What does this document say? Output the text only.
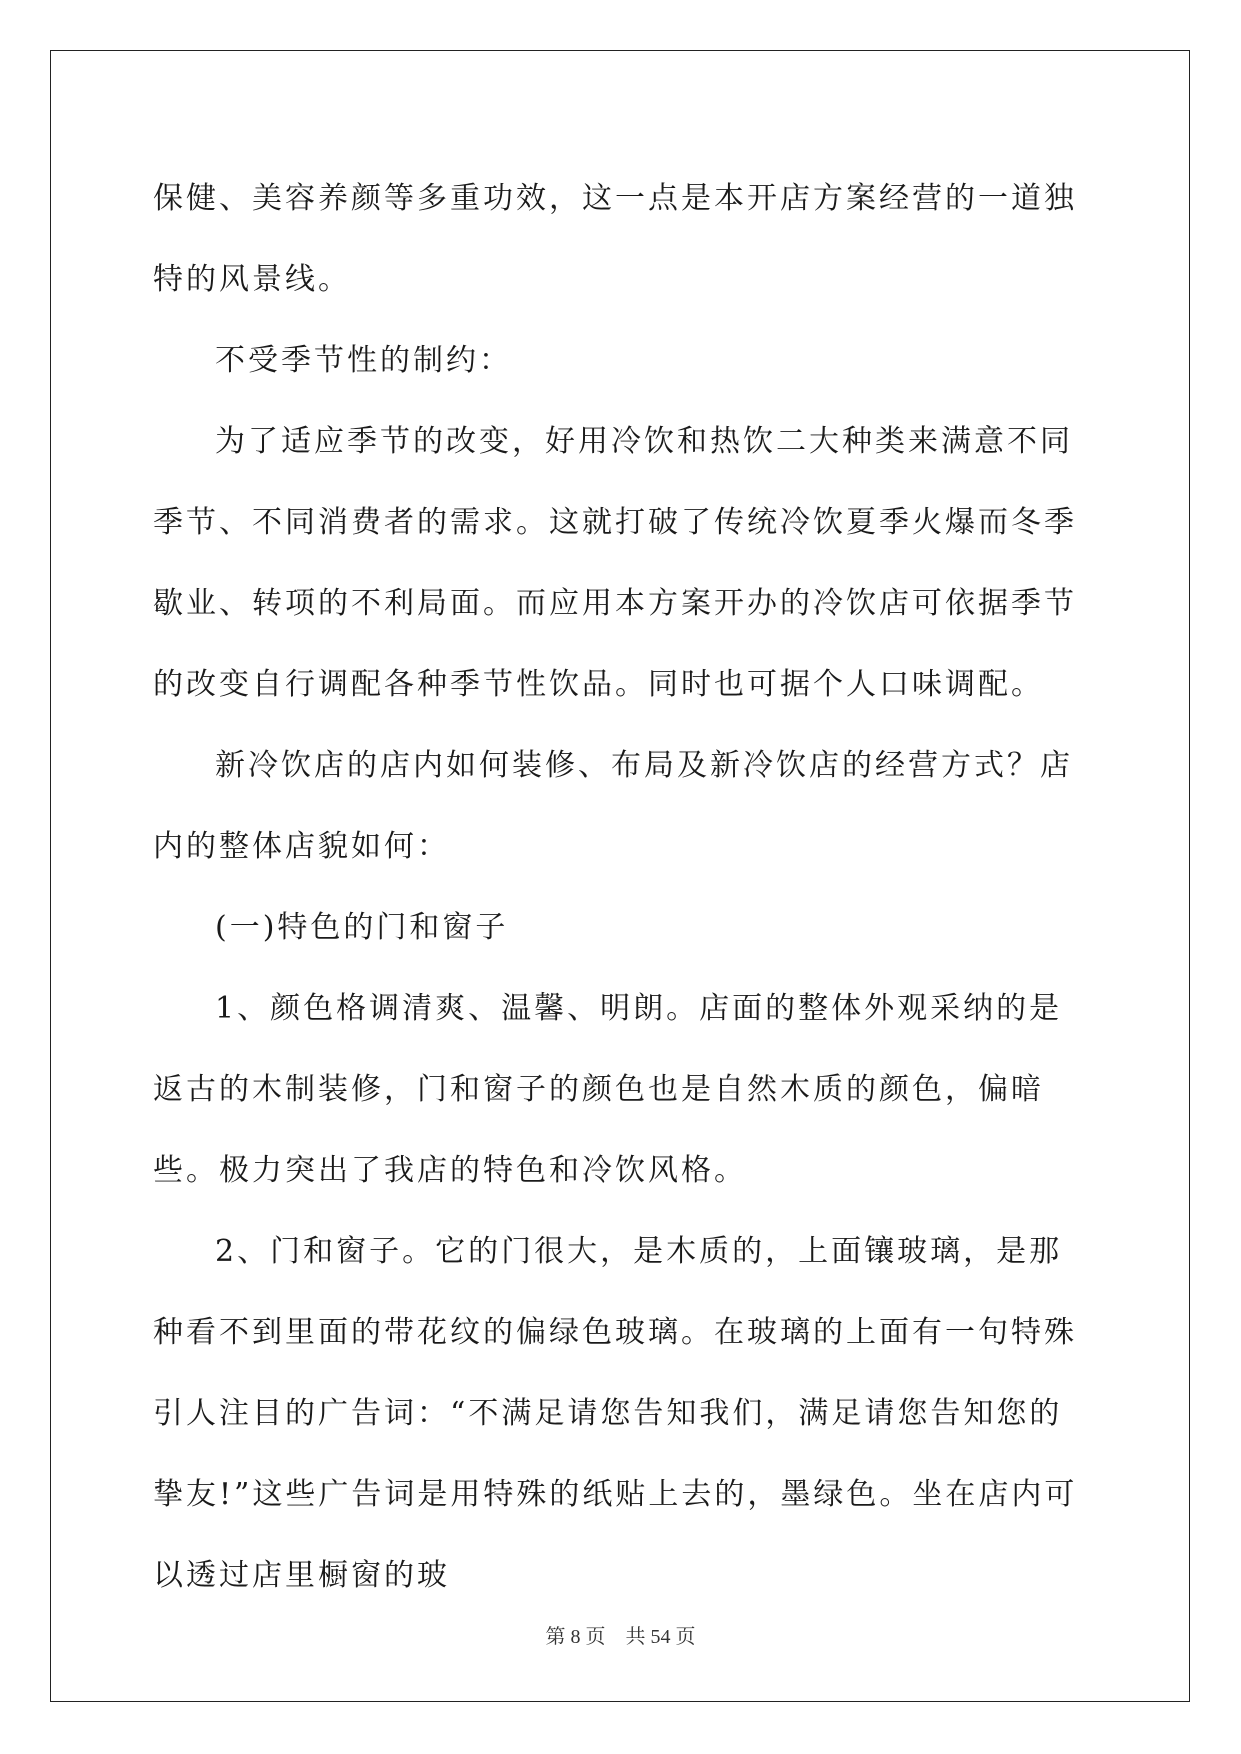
保健、美容养颜等多重功效，这一点是本开店方案经营的一道独特的风景线。

不受季节性的制约：

为了适应季节的改变，好用冷饮和热饮二大种类来满意不同季节、不同消费者的需求。这就打破了传统冷饮夏季火爆而冬季歇业、转项的不利局面。而应用本方案开办的冷饮店可依据季节的改变自行调配各种季节性饮品。同时也可据个人口味调配。

新冷饮店的店内如何装修、布局及新冷饮店的经营方式？店内的整体店貌如何：

(一)特色的门和窗子

1、颜色格调清爽、温馨、明朗。店面的整体外观采纳的是返古的木制装修，门和窗子的颜色也是自然木质的颜色，偏暗些。极力突出了我店的特色和冷饮风格。

2、门和窗子。它的门很大，是木质的，上面镶玻璃，是那种看不到里面的带花纹的偏绿色玻璃。在玻璃的上面有一句特殊引人注目的广告词：“不满足请您告知我们，满足请您告知您的挚友!”这些广告词是用特殊的纸贴上去的，墨绿色。坐在店内可以透过店里橱窗的玻

第 8 页　共 54 页
